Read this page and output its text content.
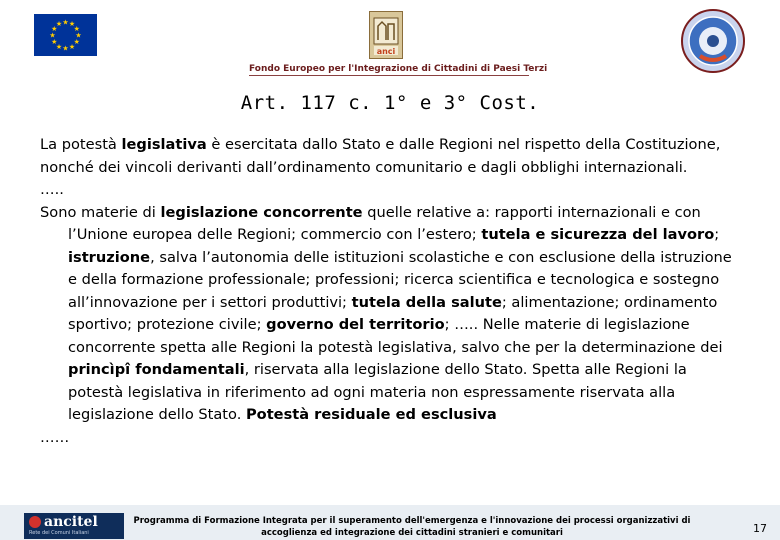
★ ★
★
★
★
★
★
★
★
★
★
★
anci
Fondo Europeo per l'Integrazione di Cittadini di Paesi Terzi
Art. 117 c. 1° e 3° Cost.

La potestà legislativa è esercitata dallo Stato e dalle Regioni nel rispetto della Costituzione,

nonché dei vincoli derivanti dall’ordinamento comunitario e dagli obblighi internazionali.

…..

Sono materie di legislazione concorrente quelle relative a: rapporti internazionali e con l’Unione europea delle Regioni; commercio con l’estero; tutela e sicurezza del lavoro; istruzione, salva l’autonomia delle istituzioni scolastiche e con esclusione della istruzione e della formazione professionale; professioni; ricerca scientifica e tecnologica e sostegno all’innovazione per i settori produttivi; tutela della salute; alimentazione; ordinamento sportivo; protezione civile; governo del territorio; ….. Nelle materie di legislazione concorrente spetta alle Regioni la potestà legislativa, salvo che per la determinazione dei princìpî fondamentali, riservata alla legislazione dello Stato. Spetta alle Regioni la potestà legislativa in riferimento ad ogni materia non espressamente riservata alla legislazione dello Stato. Potestà residuale ed esclusiva

……

ancitel
Rete dei Comuni Italiani
Programma di Formazione Integrata per il superamento dell'emergenza e l'innovazione dei processi organizzativi di
accoglienza ed integrazione dei cittadini stranieri e comunitari	17
